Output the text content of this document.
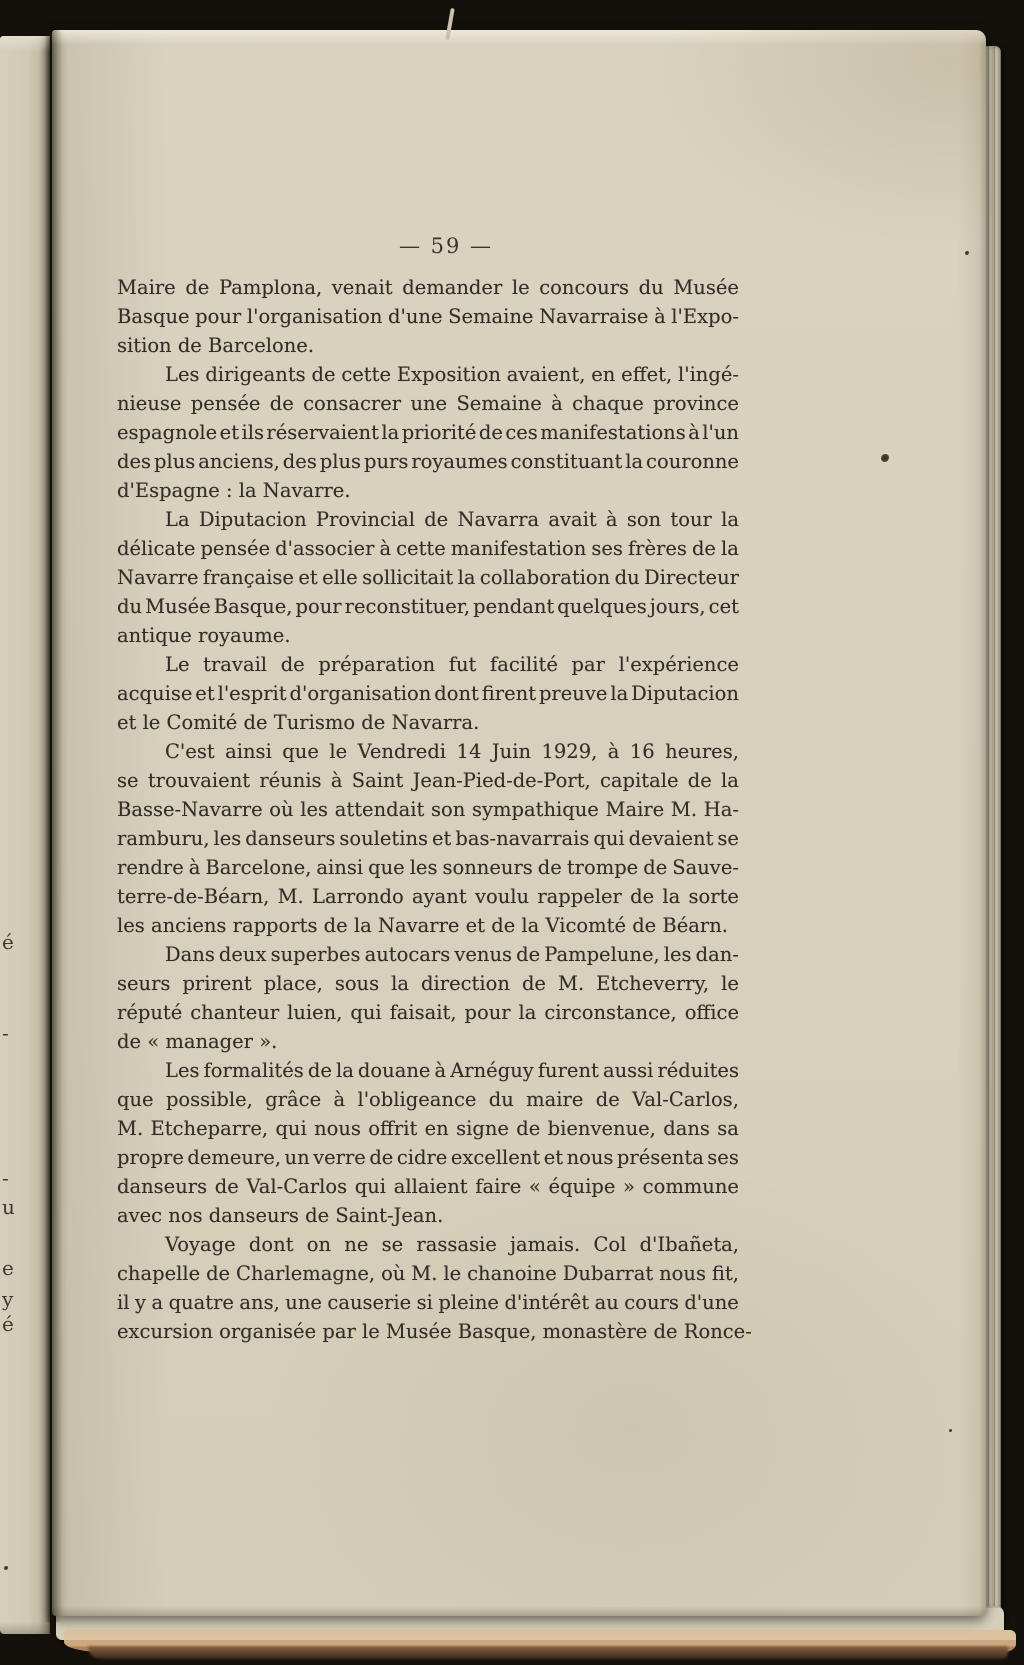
é
-
-
u
e
y
é
— 59 —
Maire de Pamplona, venait demander le concours du Musée
Basque pour l'organisation d'une Semaine Navarraise à l'Expo-
sition de Barcelone.
Les dirigeants de cette Exposition avaient, en effet, l'ingé-
nieuse pensée de consacrer une Semaine à chaque province
espagnole et ils réservaient la priorité de ces manifestations à l'un
des plus anciens, des plus purs royaumes constituant la couronne
d'Espagne : la Navarre.
La Diputacion Provincial de Navarra avait à son tour la
délicate pensée d'associer à cette manifestation ses frères de la
Navarre française et elle sollicitait la collaboration du Directeur
du Musée Basque, pour reconstituer, pendant quelques jours, cet
antique royaume.
Le travail de préparation fut facilité par l'expérience
acquise et l'esprit d'organisation dont firent preuve la Diputacion
et le Comité de Turismo de Navarra.
C'est ainsi que le Vendredi 14 Juin 1929, à 16 heures,
se trouvaient réunis à Saint Jean-Pied-de-Port, capitale de la
Basse-Navarre où les attendait son sympathique Maire M. Ha-
ramburu, les danseurs souletins et bas-navarrais qui devaient se
rendre à Barcelone, ainsi que les sonneurs de trompe de Sauve-
terre-de-Béarn, M. Larrondo ayant voulu rappeler de la sorte
les anciens rapports de la Navarre et de la Vicomté de Béarn.
Dans deux superbes autocars venus de Pampelune, les dan-
seurs prirent place, sous la direction de M. Etcheverry, le
réputé chanteur luien, qui faisait, pour la circonstance, office
de « manager ».
Les formalités de la douane à Arnéguy furent aussi réduites
que possible, grâce à l'obligeance du maire de Val-Carlos,
M. Etcheparre, qui nous offrit en signe de bienvenue, dans sa
propre demeure, un verre de cidre excellent et nous présenta ses
danseurs de Val-Carlos qui allaient faire « équipe » commune
avec nos danseurs de Saint-Jean.
Voyage dont on ne se rassasie jamais. Col d'Ibañeta,
chapelle de Charlemagne, où M. le chanoine Dubarrat nous fit,
il y a quatre ans, une causerie si pleine d'intérêt au cours d'une
excursion organisée par le Musée Basque, monastère de Ronce-
